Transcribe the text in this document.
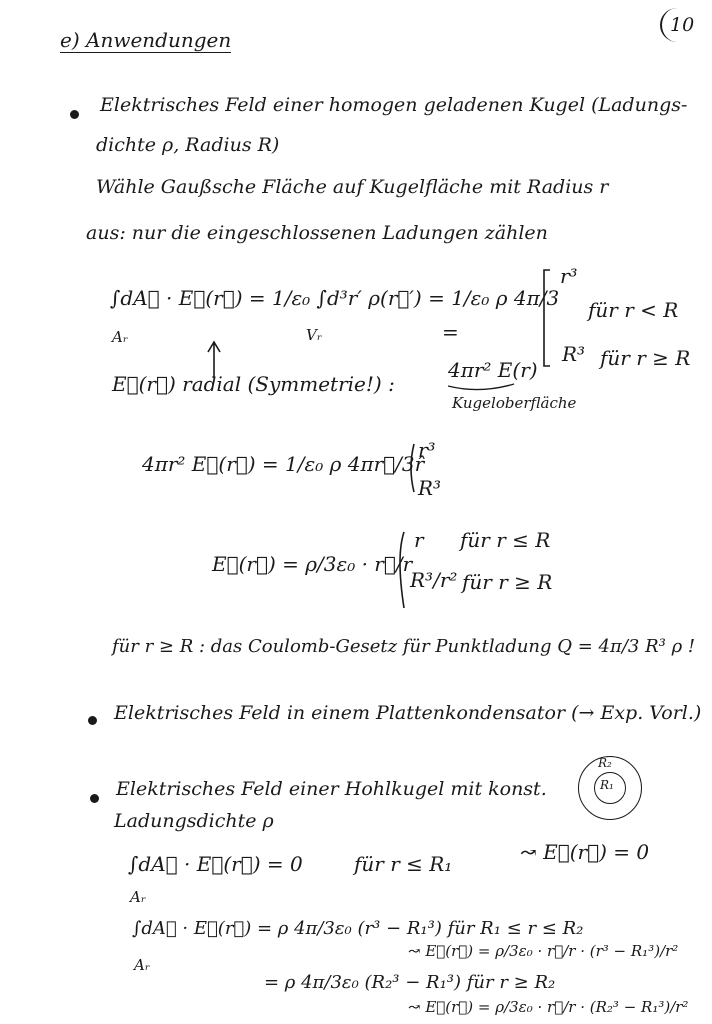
10
e) Anwendungen
Elektrisches Feld einer homogen geladenen Kugel (Ladungs-
dichte ρ, Radius R)
Wähle Gaußsche Fläche auf Kugelfläche mit Radius r
aus: nur die eingeschlossenen Ladungen zählen
∫dA⃗ · E⃗(r⃗) = 1/ε₀ ∫d³r′ ρ(r⃗′) = 1/ε₀ ρ 4π/3
Aᵣ	Vᵣ	=
r³
für r < R
R³ für r ≥ R
E⃗(r⃗) radial (Symmetrie!) :
4πr² E(r)
Kugeloberfläche
4πr² E⃗(r⃗) = 1/ε₀ ρ 4πr⃗/3r̂
r³
R³
E⃗(r⃗) = ρ/3ε₀ · r⃗/r
r für r ≤ R
R³/r² für r ≥ R
für r ≥ R : das Coulomb-Gesetz für Punktladung Q = 4π/3 R³ ρ !
Elektrisches Feld in einem Plattenkondensator (→ Exp. Vorl.)
Elektrisches Feld einer Hohlkugel mit konst.
Ladungsdichte ρ
R₂
R₁
∫dA⃗ · E⃗(r⃗) = 0
Aᵣ
für r ≤ R₁	↝ E⃗(r⃗) = 0
∫dA⃗ · E⃗(r⃗) = ρ 4π/3ε₀ (r³ − R₁³) für R₁ ≤ r ≤ R₂
Aᵣ
↝ E⃗(r⃗) = ρ/3ε₀ · r⃗/r · (r³ − R₁³)/r²
= ρ 4π/3ε₀ (R₂³ − R₁³) für r ≥ R₂
↝ E⃗(r⃗) = ρ/3ε₀ · r⃗/r · (R₂³ − R₁³)/r²
